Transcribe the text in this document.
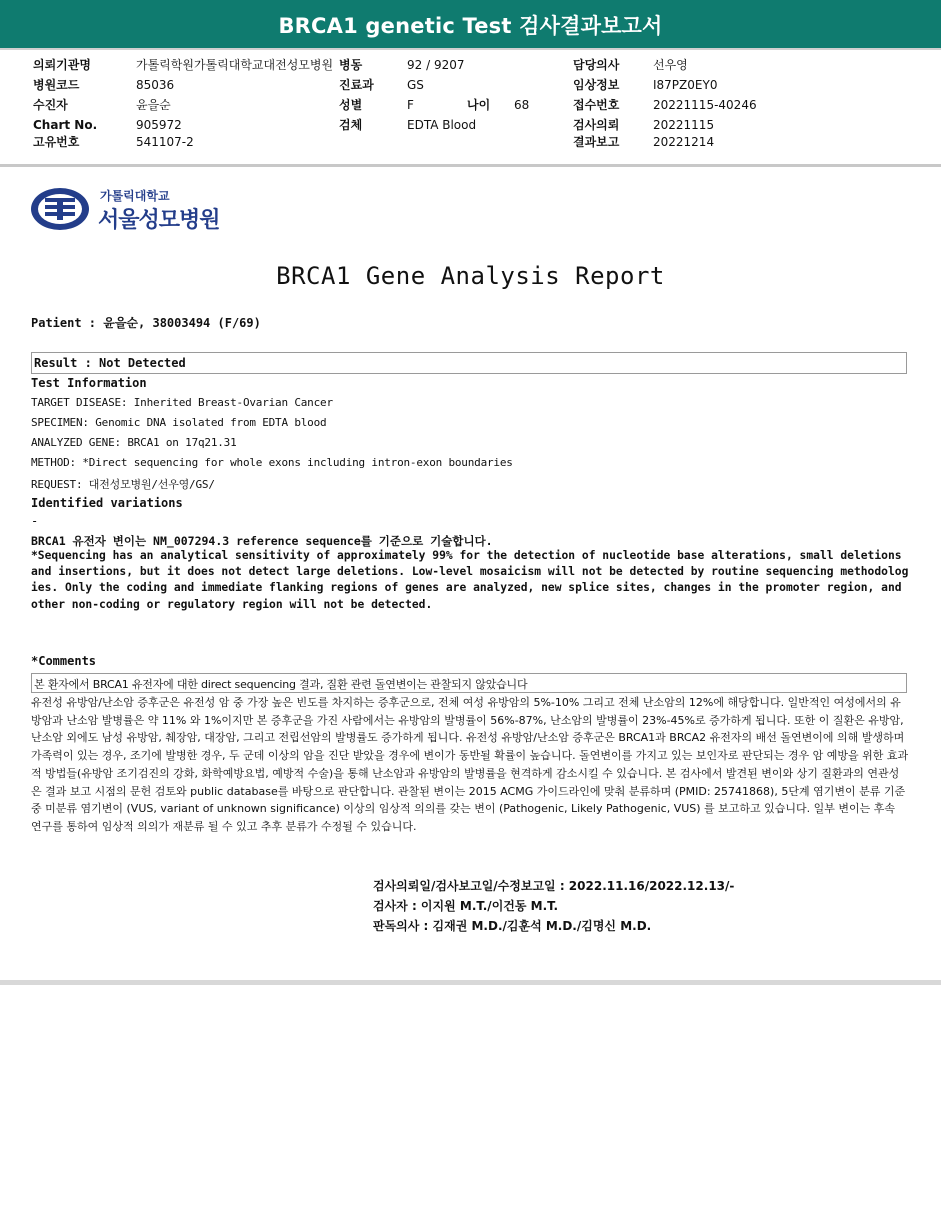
BRCA1 genetic Test 검사결과보고서
의뢰기관명	가톨릭학원가톨릭대학교대전성모병원
병원코드	85036
수진자	윤을순
Chart No.	905972
고유번호	541107-2
병동	92 / 9207
진료과	GS
성별	F	나이 68
검체	EDTA Blood
담당의사	선우영
임상정보	I87PZ0EY0
접수번호	20221115-40246
검사의뢰	20221115
결과보고	20221214
가톨릭대학교
서울성모병원
BRCA1 Gene Analysis Report
Patient : 윤을순, 38003494 (F/69)
Result : Not Detected
Test Information
TARGET DISEASE: Inherited Breast-Ovarian Cancer
SPECIMEN: Genomic DNA isolated from EDTA blood
ANALYZED GENE: BRCA1 on 17q21.31
METHOD: *Direct sequencing for whole exons including intron-exon boundaries
REQUEST: 대전성모병원/선우영/GS/
Identified variations
-
BRCA1 유전자 변이는 NM_007294.3 reference sequence를 기준으로 기술합니다.
*Sequencing has an analytical sensitivity of approximately 99% for the detection of nucleotide base alterations, small deletions and insertions, but it does not detect large deletions. Low-level mosaicism will not be detected by routine sequencing methodologies. Only the coding and immediate flanking regions of genes are analyzed, new splice sites, changes in the promoter region, and other non-coding or regulatory region will not be detected.
*Comments
본 환자에서 BRCA1 유전자에 대한 direct sequencing 결과, 질환 관련 돌연변이는 관찰되지 않았습니다
유전성 유방암/난소암 증후군은 유전성 암 중 가장 높은 빈도를 차지하는 증후군으로, 전체 여성 유방암의 5%-10% 그리고 전체 난소암의 12%에 해당합니다. 일반적인 여성에서의 유방암과 난소암 발병률은 약 11% 와 1%이지만 본 증후군을 가진 사람에서는 유방암의 발병률이 56%-87%, 난소암의 발병률이 23%-45%로 증가하게 됩니다. 또한 이 질환은 유방암, 난소암 외에도 남성 유방암, 췌장암, 대장암, 그리고 전립선암의 발병률도 증가하게 됩니다. 유전성 유방암/난소암 증후군은 BRCA1과 BRCA2 유전자의 배선 돌연변이에 의해 발생하며 가족력이 있는 경우, 조기에 발병한 경우, 두 군데 이상의 암을 진단 받았을 경우에 변이가 동반될 확률이 높습니다. 돌연변이를 가지고 있는 보인자로 판단되는 경우 암 예방을 위한 효과적 방법들(유방암 조기검진의 강화, 화학예방요법, 예방적 수술)을 통해 난소암과 유방암의 발병률을 현격하게 감소시킬 수 있습니다. 본 검사에서 발견된 변이와 상기 질환과의 연관성은 결과 보고 시점의 문헌 검토와 public database를 바탕으로 판단합니다. 관찰된 변이는 2015 ACMG 가이드라인에 맞춰 분류하며 (PMID: 25741868), 5단계 염기변이 분류 기준 중 미분류 염기변이 (VUS, variant of unknown significance) 이상의 임상적 의의를 갖는 변이 (Pathogenic, Likely Pathogenic, VUS) 를 보고하고 있습니다. 일부 변이는 후속 연구를 통하여 임상적 의의가 재분류 될 수 있고 추후 분류가 수정될 수 있습니다.
검사의뢰일/검사보고일/수정보고일 : 2022.11.16/2022.12.13/-
검사자 : 이지원 M.T./이건동 M.T.
판독의사 : 김재권 M.D./김훈석 M.D./김명신 M.D.
